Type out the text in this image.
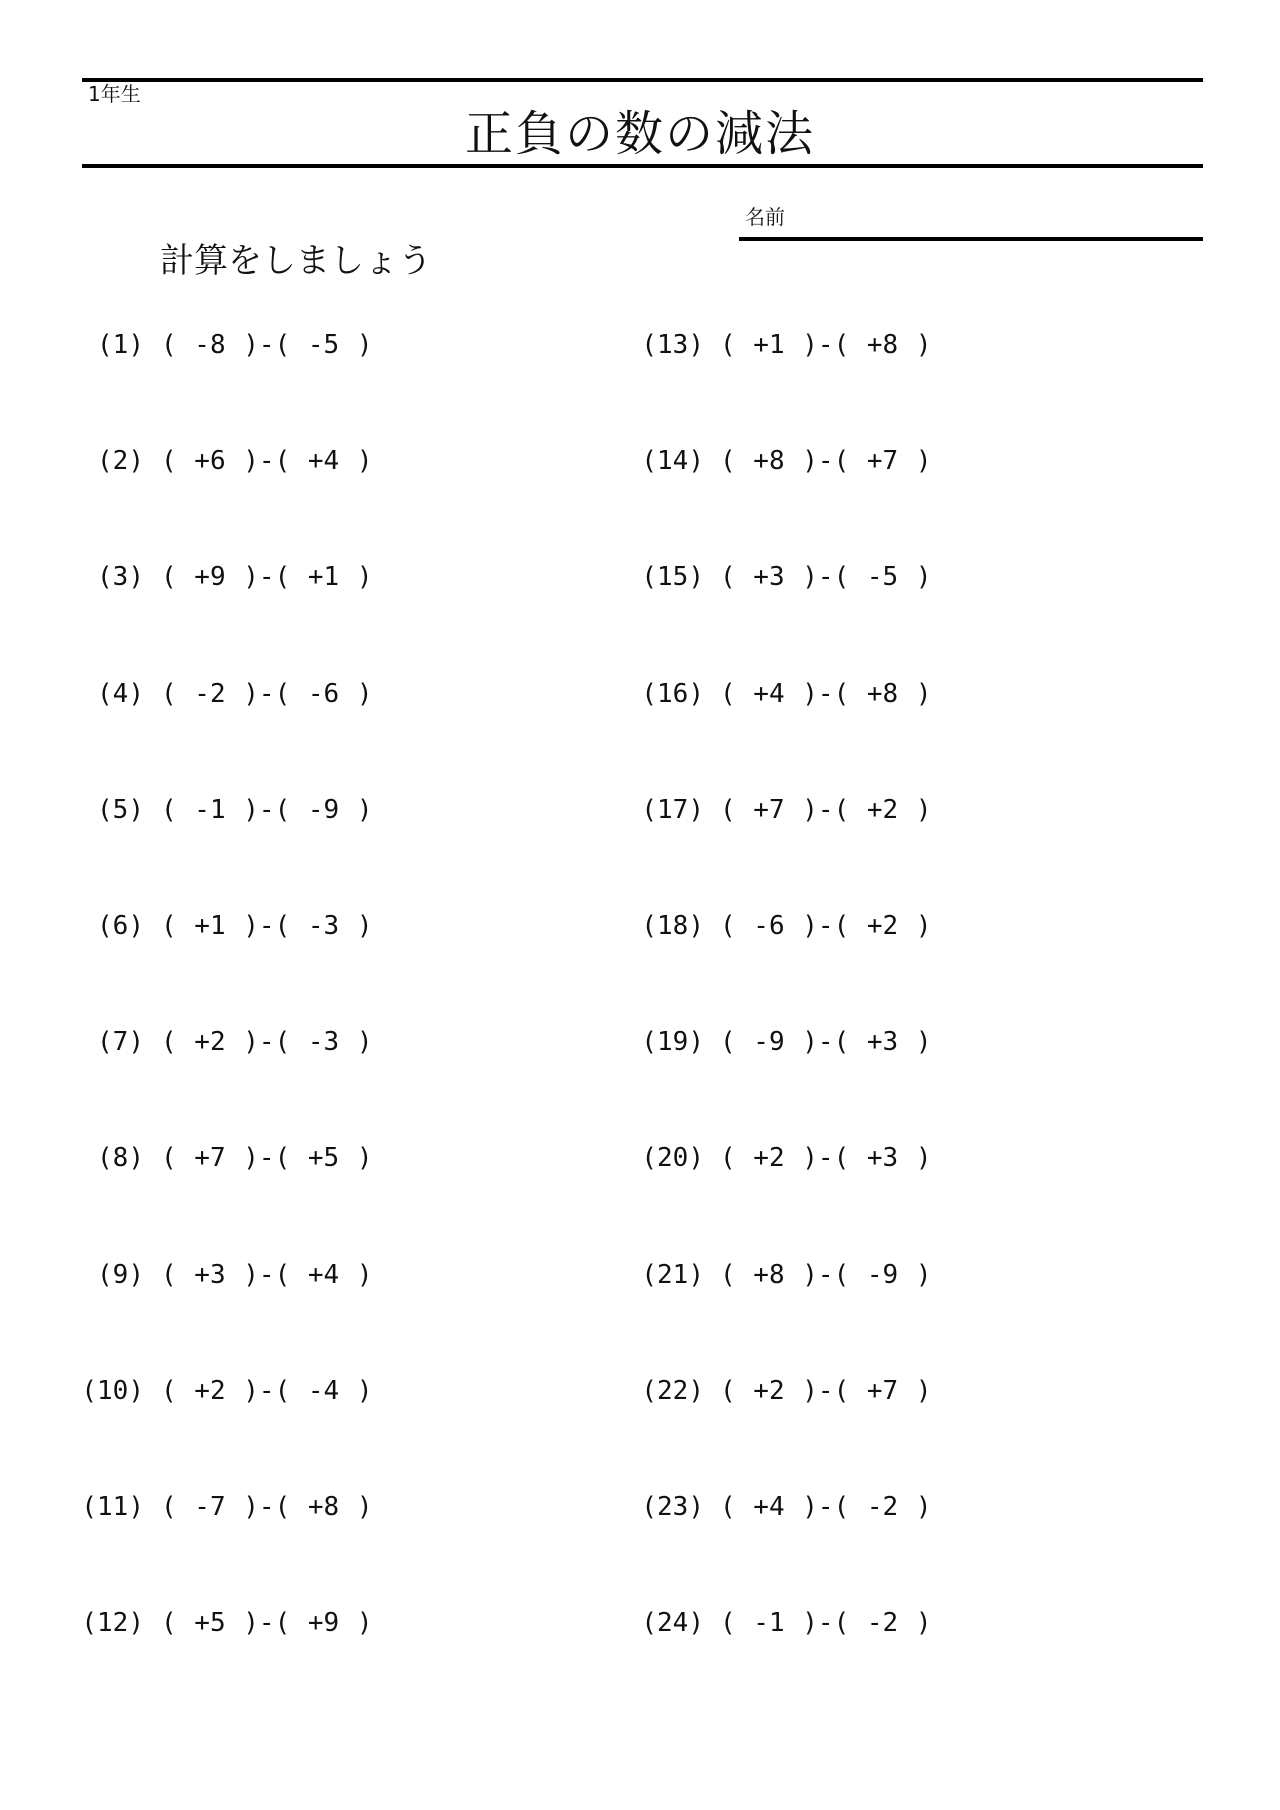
1年生
正負の数の減法
名前
計算をしましょう
(1) ( -8 )-( -5 )
(2) ( +6 )-( +4 )
(3) ( +9 )-( +1 )
(4) ( -2 )-( -6 )
(5) ( -1 )-( -9 )
(6) ( +1 )-( -3 )
(7) ( +2 )-( -3 )
(8) ( +7 )-( +5 )
(9) ( +3 )-( +4 )
(10) ( +2 )-( -4 )
(11) ( -7 )-( +8 )
(12) ( +5 )-( +9 )
(13) ( +1 )-( +8 )
(14) ( +8 )-( +7 )
(15) ( +3 )-( -5 )
(16) ( +4 )-( +8 )
(17) ( +7 )-( +2 )
(18) ( -6 )-( +2 )
(19) ( -9 )-( +3 )
(20) ( +2 )-( +3 )
(21) ( +8 )-( -9 )
(22) ( +2 )-( +7 )
(23) ( +4 )-( -2 )
(24) ( -1 )-( -2 )
